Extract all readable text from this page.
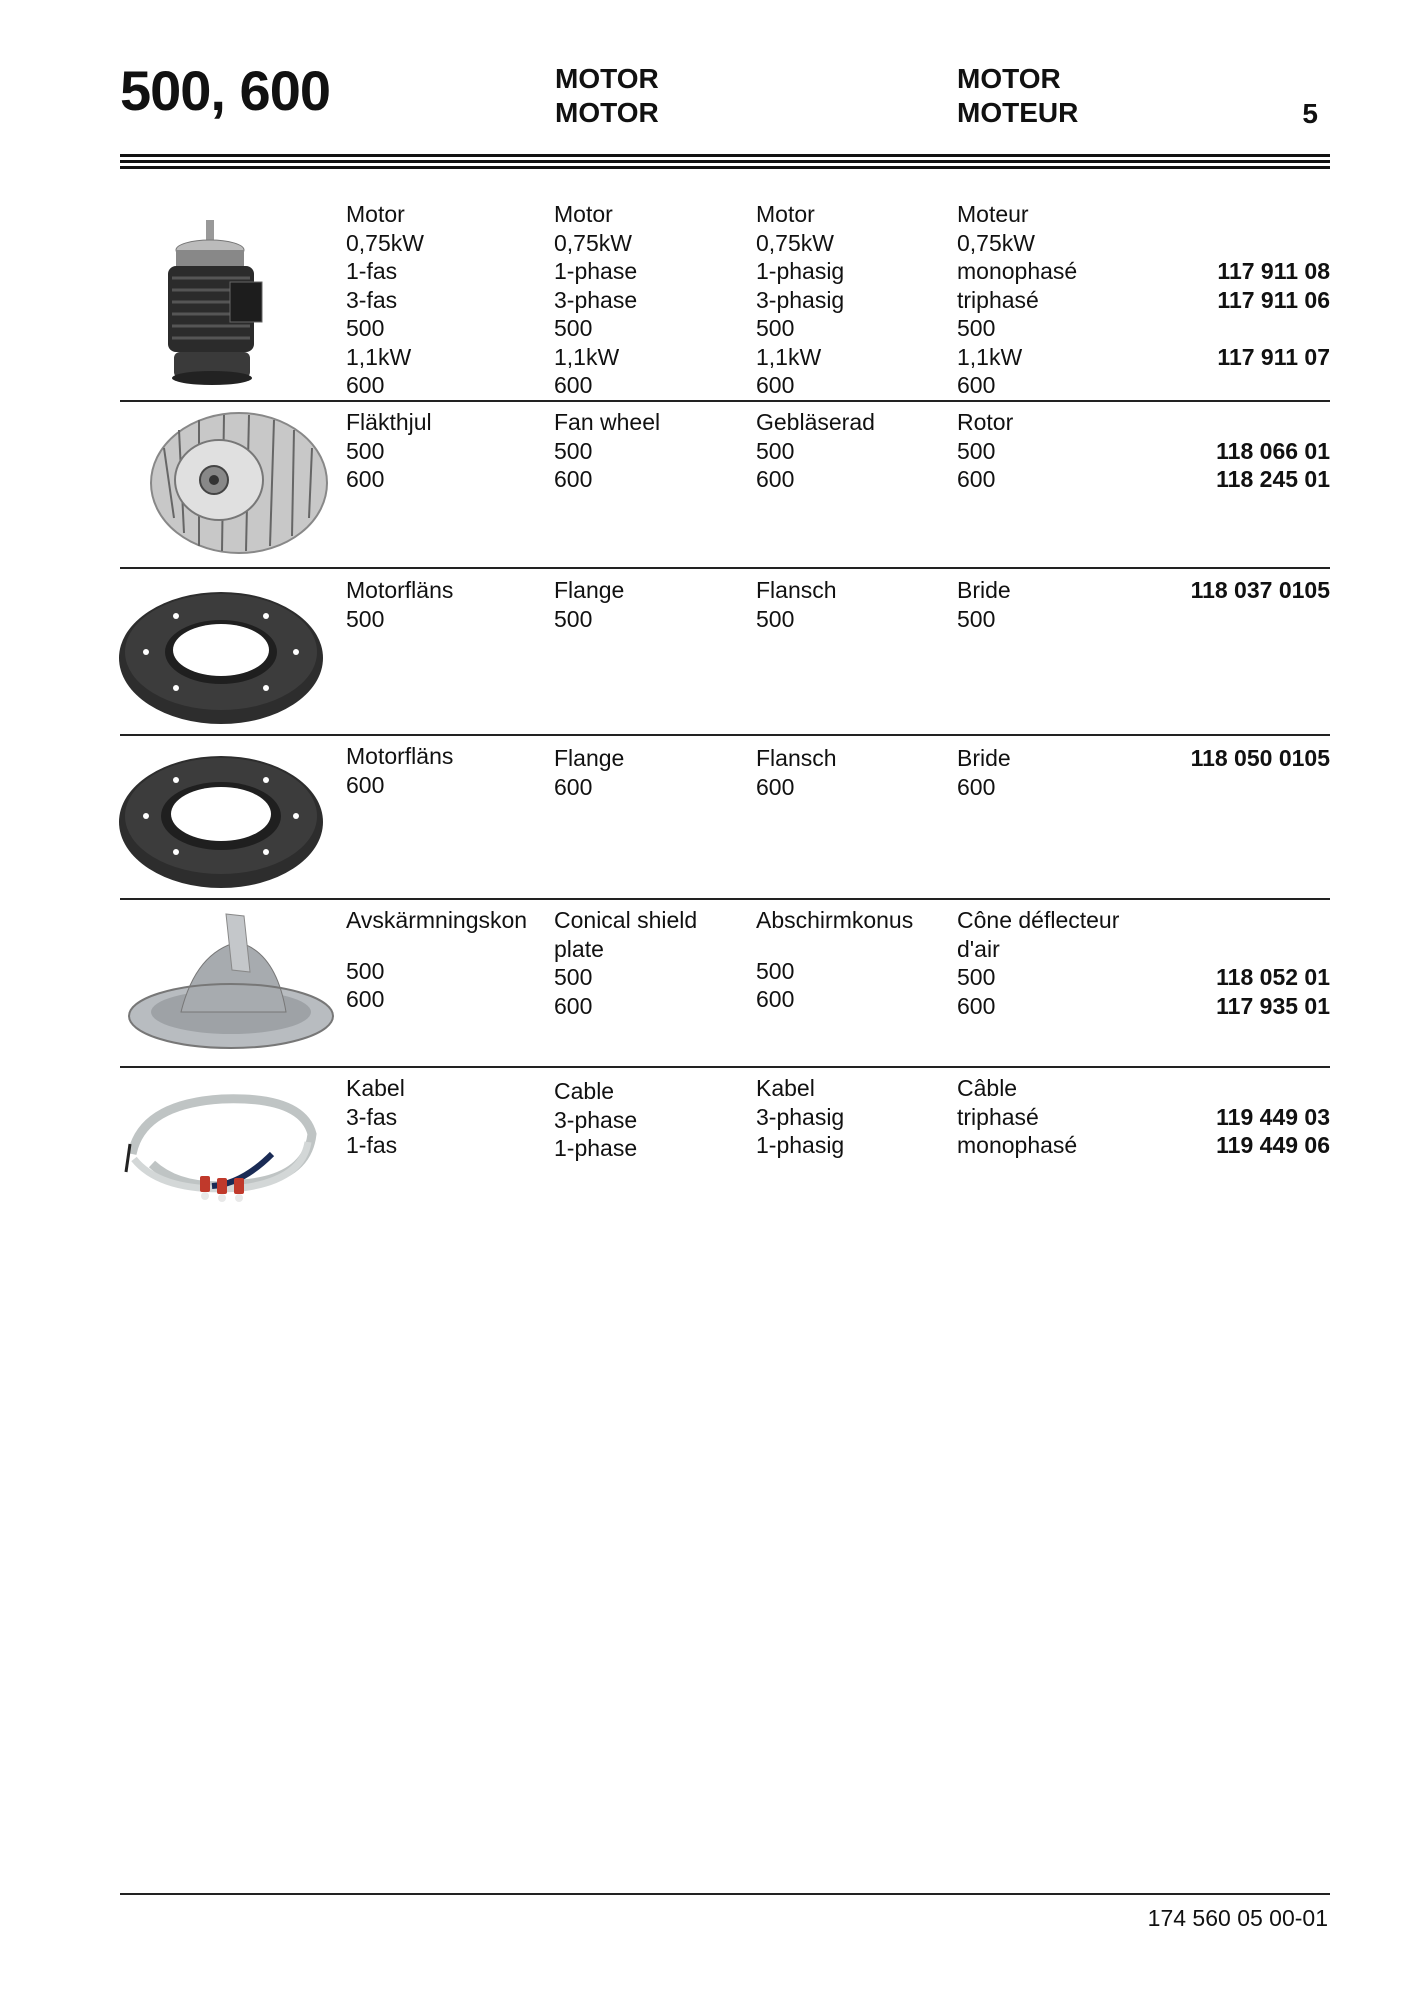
500, 600	MOTOR
MOTOR
MOTOR
MOTEUR	5
Motor
0,75kW
1-fas
3-fas
500
1,1kW
600
Motor
0,75kW
1-phase
3-phase
500
1,1kW
600
Motor
0,75kW
1-phasig
3-phasig
500
1,1kW
600
Moteur
0,75kW
monophasé
triphasé
500
1,1kW
600
117 911 08
117 911 06
117 911 07
Fläkthjul
500
600
Fan wheel
500
600
Gebläserad
500
600
Rotor
500
600
118 066 01
118 245 01
Motorfläns
500
Flange
500
Flansch
500
Bride
500
118 037 0105
Motorfläns
600
Flange
600
Flansch
600
Bride
600
118 050 0105
Avskärmningskon
500
600
Conical shield
plate
500
600
Abschirmkonus
500
600
Cône déflecteur
d'air
500
600
118 052 01
117 935 01
Kabel
3-fas
1-fas
Cable
3-phase
1-phase
Kabel
3-phasig
1-phasig
Câble
triphasé
monophasé
119 449 03
119 449 06
174 560 05 00-01
